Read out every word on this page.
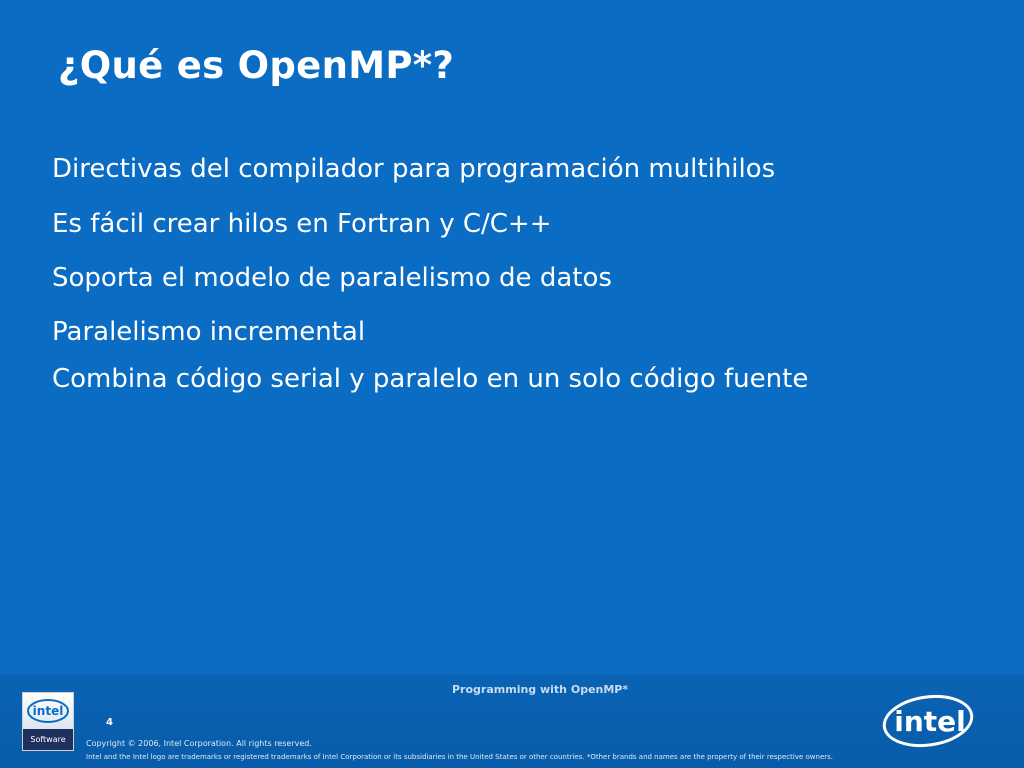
¿Qué es OpenMP*?
Directivas del compilador para programación multihilos
Es fácil crear hilos en Fortran y C/C++
Soporta el modelo de paralelismo de datos
Paralelismo incremental
Combina código serial y paralelo en un solo código fuente
Programming with OpenMP*
intel
Software
4
Copyright © 2006, Intel Corporation. All rights reserved.
Intel and the Intel logo are trademarks or registered trademarks of Intel Corporation or its subsidiaries in the United States or other countries. *Other brands and names are the property of their respective owners.
intel
